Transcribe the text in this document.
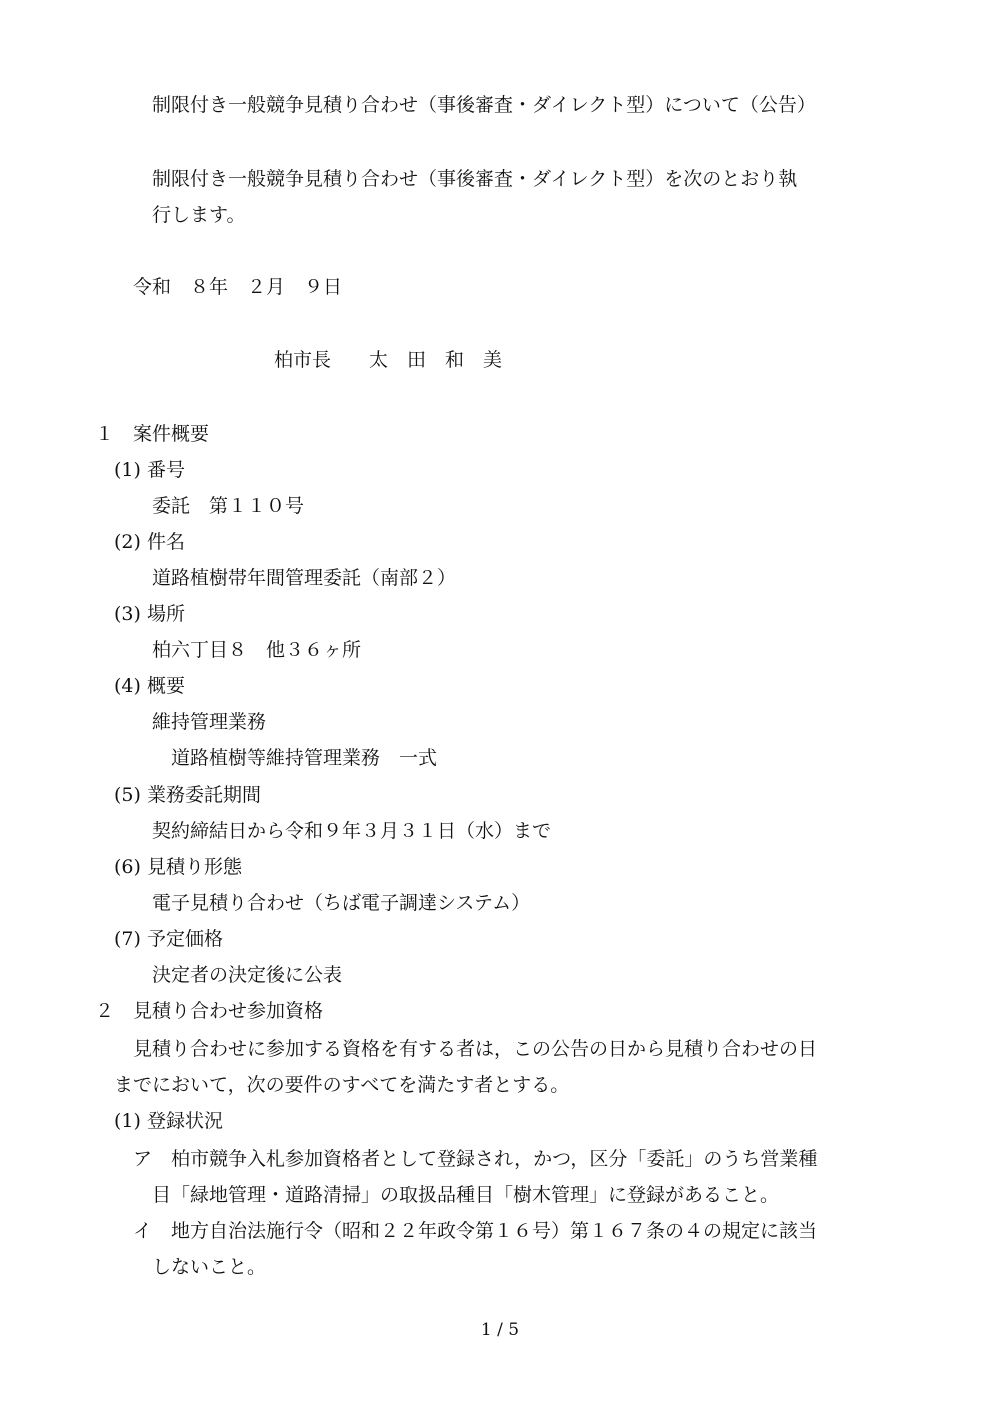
制限付き一般競争見積り合わせ（事後審査・ダイレクト型）について（公告）
制限付き一般競争見積り合わせ（事後審査・ダイレクト型）を次のとおり執
行します。
令和　８年　２月　９日
柏市長　　太　田　和　美
１　案件概要
(1) 番号
委託　第１１０号
(2) 件名
道路植樹帯年間管理委託（南部２）
(3) 場所
柏六丁目８　他３６ヶ所
(4) 概要
維持管理業務
道路植樹等維持管理業務　一式
(5) 業務委託期間
契約締結日から令和９年３月３１日（水）まで
(6) 見積り形態
電子見積り合わせ（ちば電子調達システム）
(7) 予定価格
決定者の決定後に公表
２　見積り合わせ参加資格
見積り合わせに参加する資格を有する者は，この公告の日から見積り合わせの日
までにおいて，次の要件のすべてを満たす者とする。
(1) 登録状況
ア　柏市競争入札参加資格者として登録され，かつ，区分「委託」のうち営業種
目「緑地管理・道路清掃」の取扱品種目「樹木管理」に登録があること。
イ　地方自治法施行令（昭和２２年政令第１６号）第１６７条の４の規定に該当
しないこと。
1 / 5
